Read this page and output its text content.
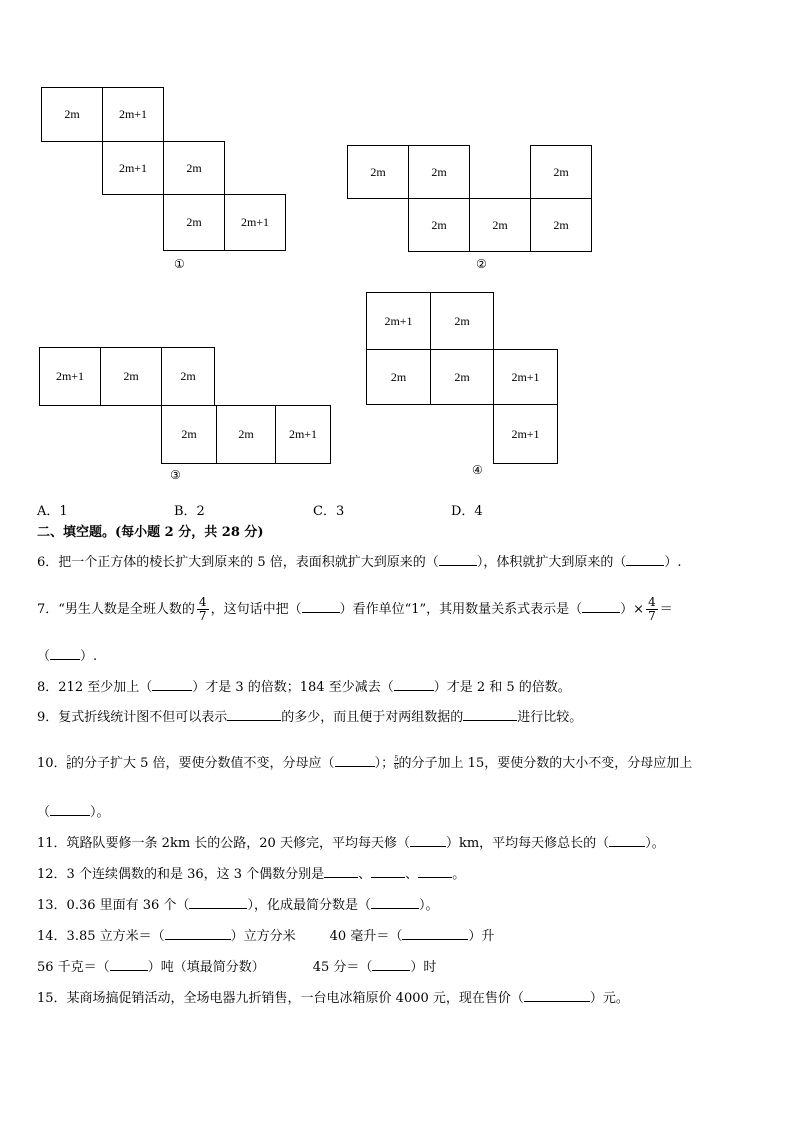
2m	2m+1
2m+1	2m
2m	2m+1
①
2m	2m	2m
2m	2m	2m
②
2m+1	2m	2m
2m	2m	2m+1
③
2m+1	2m
2m	2m	2m+1
2m+1
④
A．1	B．2	C．3	D．4
二、填空题。(每小题 2 分，共 28 分)
6．把一个正方体的棱长扩大到原来的 5 倍，表面积就扩大到原来的（	），体积就扩大到原来的（	）.
7．“男生人数是全班人数的 $\frac{4}{7}$ ，这句话中把（	）看作单位“1”，其用数量关系式表示是（	）× $\frac{4}{7}$ ＝
（ ）.
8．212 至少加上（	）才是 3 的倍数；184 至少减去（	）才是 2 和 5 的倍数。
9．复式折线统计图不但可以表示	的多少，而且便于对两组数据的	进行比较。
10． $\frac{5}{6}$ 的分子扩大 5 倍，要使分数值不变，分母应（	）； $\frac{5}{6}$ 的分子加上 15，要使分数的大小不变，分母应加上
（	）。
11．筑路队要修一条 2km 长的公路，20 天修完，平均每天修（	）km，平均每天修总长的（	）。
12．3 个连续偶数的和是 36，这 3 个偶数分别是	、	、	。
13．0.36 里面有 36 个（	），化成最简分数是（	）。
14．3.85 立方米＝（	）立方分米	40 毫升＝（	）升
56 千克＝（	）吨（填最简分数）	45 分＝（	）时
15．某商场搞促销活动，全场电器九折销售，一台电冰箱原价 4000 元，现在售价（	）元。
